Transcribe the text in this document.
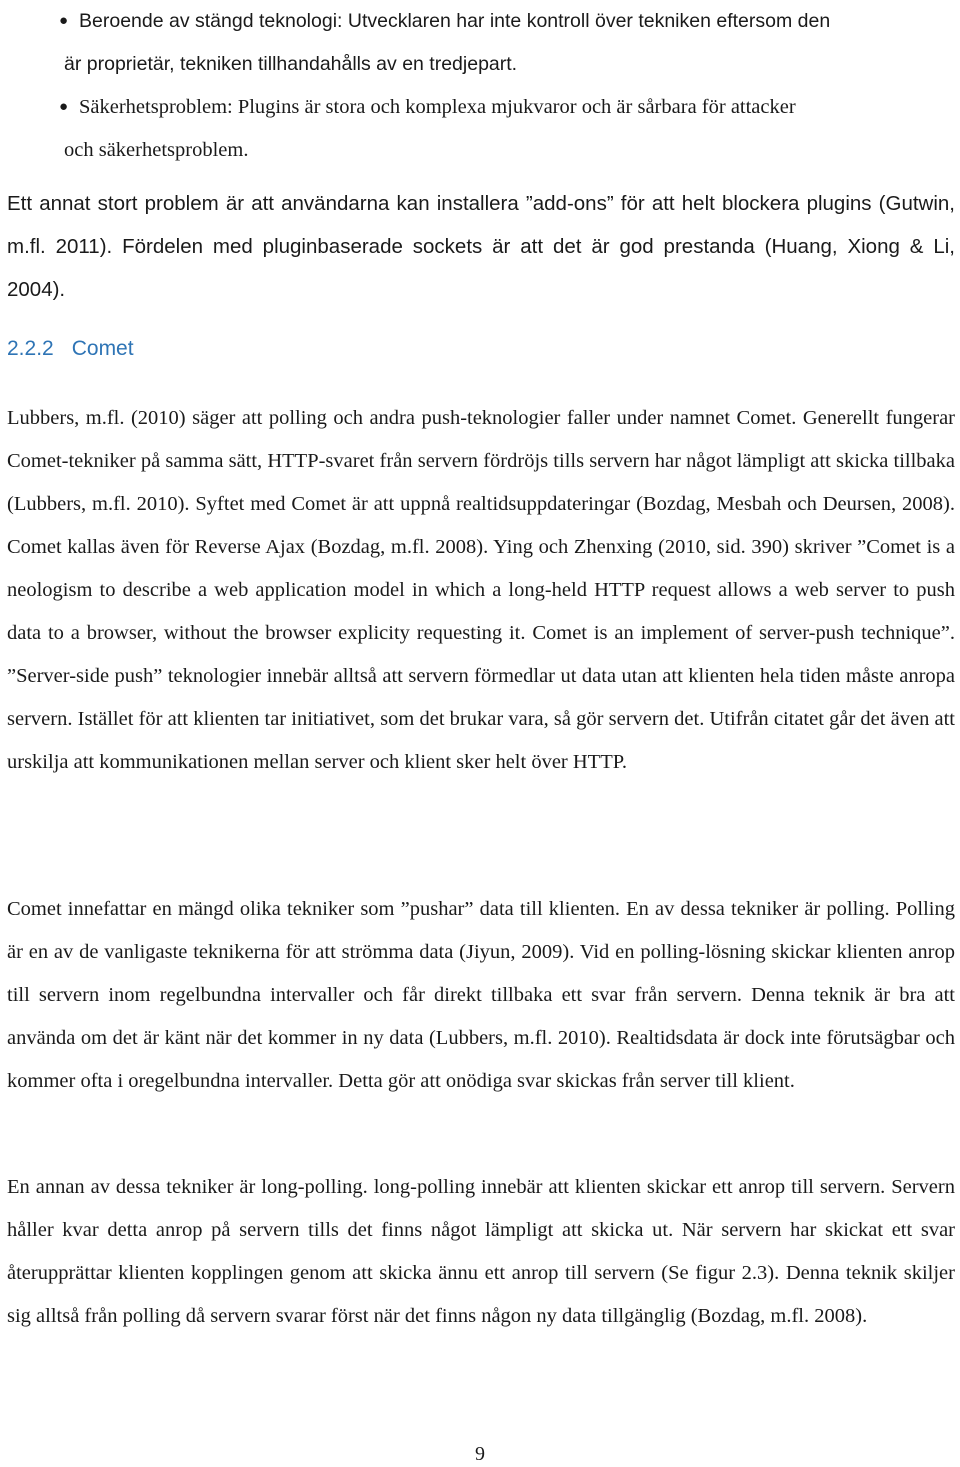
● Beroende av stängd teknologi: Utvecklaren har inte kontroll över tekniken eftersom den
är proprietär, tekniken tillhandahålls av en tredjepart.
● Säkerhetsproblem: Plugins är stora och komplexa mjukvaror och är sårbara för attacker
och säkerhetsproblem.

Ett annat stort problem är att användarna kan installera ”add-ons” för att helt blockera plugins (Gutwin, m.fl. 2011). Fördelen med pluginbaserade sockets är att det är god prestanda (Huang, Xiong & Li, 2004).

2.2.2 Comet

Lubbers, m.fl. (2010) säger att polling och andra push-teknologier faller under namnet Comet. Generellt fungerar Comet-tekniker på samma sätt, HTTP-svaret från servern fördröjs tills servern har något lämpligt att skicka tillbaka (Lubbers, m.fl. 2010). Syftet med Comet är att uppnå realtidsuppdateringar (Bozdag, Mesbah och Deursen, 2008). Comet kallas även för Reverse Ajax (Bozdag, m.fl. 2008). Ying och Zhenxing (2010, sid. 390) skriver ”Comet is a neologism to describe a web application model in which a long-held HTTP request allows a web server to push data to a browser, without the browser explicity requesting it. Comet is an implement of server-push technique”. ”Server-side push” teknologier innebär alltså att servern förmedlar ut data utan att klienten hela tiden måste anropa servern. Istället för att klienten tar initiativet, som det brukar vara, så gör servern det. Utifrån citatet går det även att urskilja att kommunikationen mellan server och klient sker helt över HTTP.

Comet innefattar en mängd olika tekniker som ”pushar” data till klienten. En av dessa tekniker är polling. Polling är en av de vanligaste teknikerna för att strömma data (Jiyun, 2009). Vid en polling-lösning skickar klienten anrop till servern inom regelbundna intervaller och får direkt tillbaka ett svar från servern. Denna teknik är bra att använda om det är känt när det kommer in ny data (Lubbers, m.fl. 2010). Realtidsdata är dock inte förutsägbar och kommer ofta i oregelbundna intervaller. Detta gör att onödiga svar skickas från server till klient.

En annan av dessa tekniker är long-polling. long-polling innebär att klienten skickar ett anrop till servern. Servern håller kvar detta anrop på servern tills det finns något lämpligt att skicka ut. När servern har skickat ett svar återupprättar klienten kopplingen genom att skicka ännu ett anrop till servern (Se figur 2.3). Denna teknik skiljer sig alltså från polling då servern svarar först när det finns någon ny data tillgänglig (Bozdag, m.fl. 2008).

9
